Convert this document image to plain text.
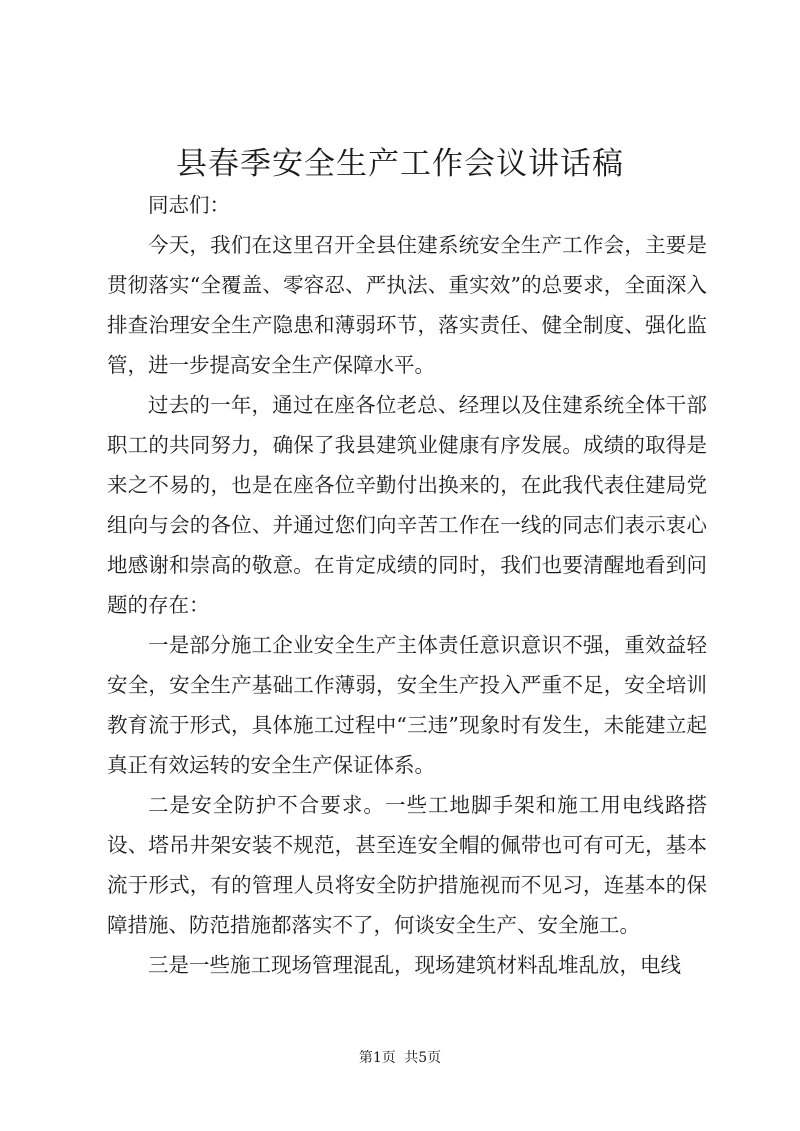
县春季安全生产工作会议讲话稿

同志们：

今天，我们在这里召开全县住建系统安全生产工作会，主要是贯彻落实“全覆盖、零容忍、严执法、重实效”的总要求，全面深入排查治理安全生产隐患和薄弱环节，落实责任、健全制度、强化监管，进一步提高安全生产保障水平。

过去的一年，通过在座各位老总、经理以及住建系统全体干部职工的共同努力，确保了我县建筑业健康有序发展。成绩的取得是来之不易的，也是在座各位辛勤付出换来的，在此我代表住建局党组向与会的各位、并通过您们向辛苦工作在一线的同志们表示衷心地感谢和崇高的敬意。在肯定成绩的同时，我们也要清醒地看到问题的存在：

一是部分施工企业安全生产主体责任意识意识不强，重效益轻安全，安全生产基础工作薄弱，安全生产投入严重不足，安全培训教育流于形式，具体施工过程中“三违”现象时有发生，未能建立起真正有效运转的安全生产保证体系。

二是安全防护不合要求。一些工地脚手架和施工用电线路搭设、塔吊井架安装不规范，甚至连安全帽的佩带也可有可无，基本流于形式，有的管理人员将安全防护措施视而不见习，连基本的保障措施、防范措施都落实不了，何谈安全生产、安全施工。

三是一些施工现场管理混乱，现场建筑材料乱堆乱放，电线

第1页 共5页
